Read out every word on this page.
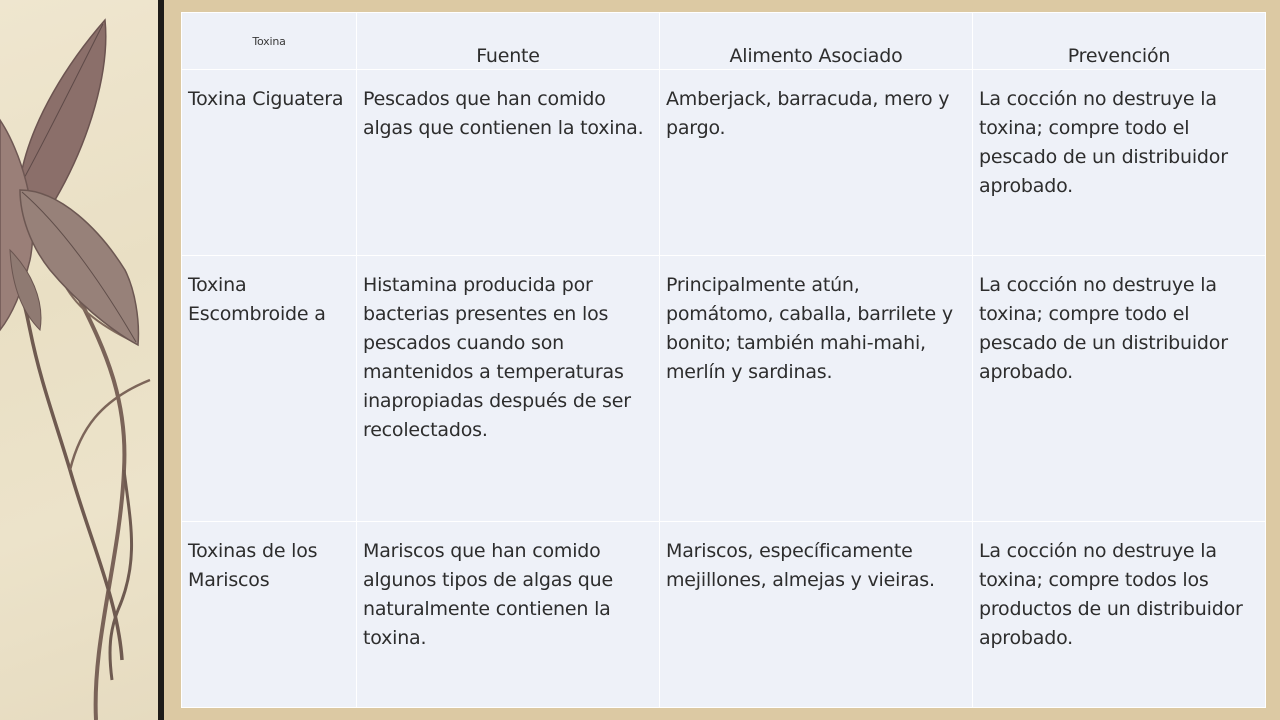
Toxina	Fuente	Alimento Asociado	Prevención

Toxina Ciguatera	Pescados que han comido algas que contienen la toxina.	Amberjack, barracuda, mero y pargo.	La cocción no destruye la toxina; compre todo el pescado de un distribuidor aprobado.

Toxina Escombroide a	Histamina producida por bacterias presentes en los pescados cuando son mantenidos a temperaturas inapropiadas después de ser recolectados.	Principalmente atún, pomátomo, caballa, barrilete y bonito; también mahi-mahi, merlín y sardinas.	La cocción no destruye la toxina; compre todo el pescado de un distribuidor aprobado.

Toxinas de los Mariscos	Mariscos que han comido algunos tipos de algas que naturalmente contienen la toxina.	Mariscos, específicamente mejillones, almejas y vieiras.	La cocción no destruye la toxina; compre todos los productos de un distribuidor aprobado.
